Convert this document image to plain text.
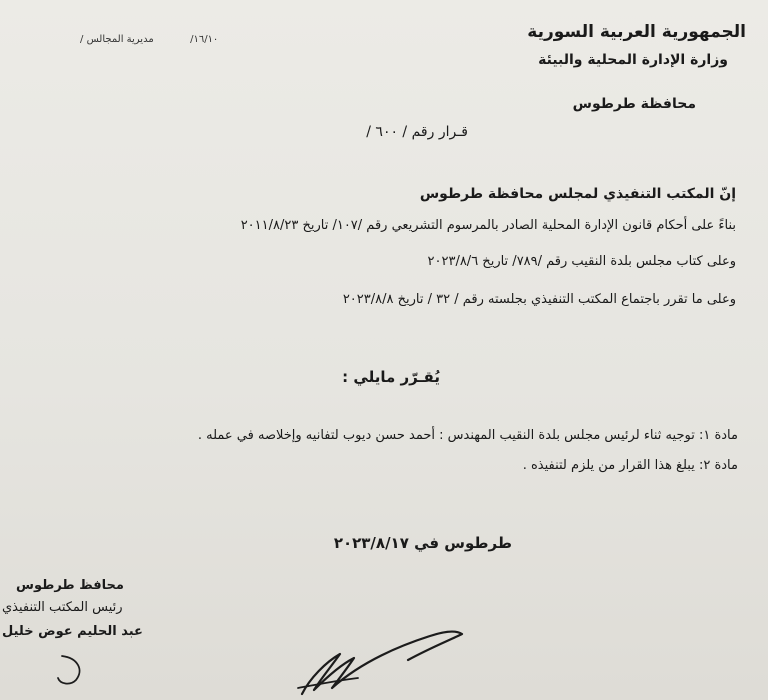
الجمهورية العربية السورية
وزارة الإدارة المحلية والبيئة
محافظة طرطوس
/ ١٦/١٠/  مديرية المجالس
قـرار رقم / ٦٠٠ /
إنّ المكتب التنفيذي لمجلس محافظة طرطوس
بناءً على أحكام قانون الإدارة المحلية الصادر بالمرسوم التشريعي رقم /١٠٧/ تاريخ ٢٠١١/٨/٢٣
وعلى كتاب مجلس بلدة النقيب رقم /٧٨٩/ تاريخ ٢٠٢٣/٨/٦
وعلى ما تقرر باجتماع المكتب التنفيذي بجلسته رقم / ٣٢ / تاريخ ٢٠٢٣/٨/٨
يُقـرّر مايلي :
مادة ١: توجيه ثناء لرئيس مجلس بلدة النقيب المهندس : أحمد حسن ديوب لتفانيه وإخلاصه في عمله .
مادة ٢: يبلغ هذا القرار من يلزم لتنفيذه .
طرطوس في ٢٠٢٣/٨/١٧
محافظ طرطوس
رئيس المكتب التنفيذي
عبد الحليم عوض خليل
